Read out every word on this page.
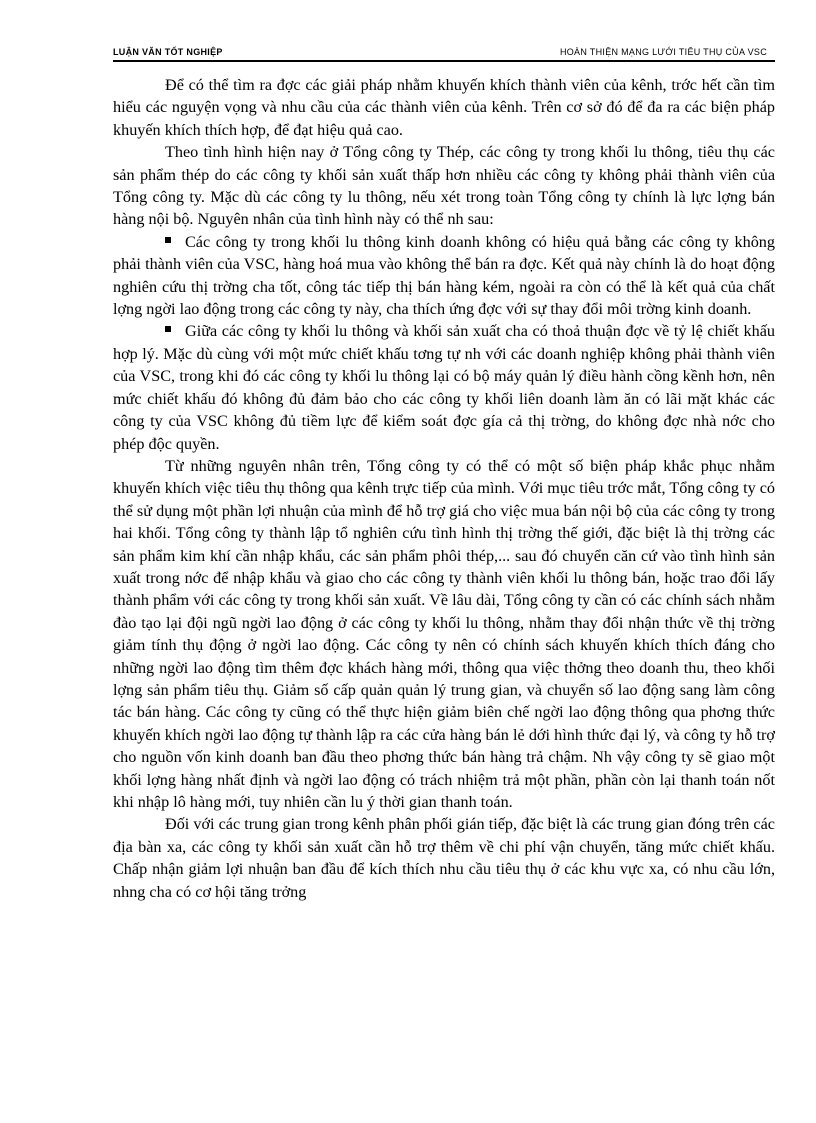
LUẬN VĂN TỐT NGHIỆP	HOÀN THIỆN MẠNG LƯỚI TIÊU THỤ CỦA VSC

Để có thể tìm ra đợc các giải pháp nhằm khuyến khích thành viên của kênh, trớc hết cần tìm hiểu các nguyện vọng và nhu cầu của các thành viên của kênh. Trên cơ sở đó để đa ra các biện pháp khuyến khích thích hợp, để đạt hiệu quả cao.

Theo tình hình hiện nay ở Tổng công ty Thép, các công ty trong khối lu thông, tiêu thụ các sản phẩm thép do các công ty khối sản xuất thấp hơn nhiều các công ty không phải thành viên của Tổng công ty. Mặc dù các công ty lu thông, nếu xét trong toàn Tổng công ty chính là lực lợng bán hàng nội bộ. Nguyên nhân của tình hình này có thể nh sau:

Các công ty trong khối lu thông kinh doanh không có hiệu quả bằng các công ty không phải thành viên của VSC, hàng hoá mua vào không thể bán ra đợc. Kết quả này chính là do hoạt động nghiên cứu thị trờng cha tốt, công tác tiếp thị bán hàng kém, ngoài ra còn có thể là kết quả của chất lợng ngời lao động trong các công ty này, cha thích ứng đợc với sự thay đổi môi trờng kinh doanh.

Giữa các công ty khối lu thông và khối sản xuất cha có thoả thuận đợc về tỷ lệ chiết khấu hợp lý. Mặc dù cùng với một mức chiết khấu tơng tự nh với các doanh nghiệp không phải thành viên của VSC, trong khi đó các công ty khối lu thông lại có bộ máy quản lý điều hành cồng kềnh hơn, nên mức chiết khấu đó không đủ đảm bảo cho các công ty khối liên doanh làm ăn có lãi mặt khác các công ty của VSC không đủ tiềm lực để kiểm soát đợc gía cả thị trờng, do không đợc nhà nớc cho phép độc quyền.

Từ những nguyên nhân trên, Tổng công ty có thể có một số biện pháp khắc phục nhằm khuyến khích việc tiêu thụ thông qua kênh trực tiếp của mình. Với mục tiêu trớc mắt, Tổng công ty có thể sử dụng một phần lợi nhuận của mình để hỗ trợ giá cho việc mua bán nội bộ của các công ty trong hai khối. Tổng công ty thành lập tổ nghiên cứu tình hình thị trờng thế giới, đặc biệt là thị trờng các sản phẩm kim khí cần nhập khẩu, các sản phẩm phôi thép,... sau đó chuyển căn cứ vào tình hình sản xuất trong nớc để nhập khẩu và giao cho các công ty thành viên khối lu thông bán, hoặc trao đổi lấy thành phẩm với các công ty trong khối sản xuất. Về lâu dài, Tổng công ty cần có các chính sách nhằm đào tạo lại đội ngũ ngời lao động ở các công ty khối lu thông, nhằm thay đổi nhận thức về thị trờng giảm tính thụ động ở ngời lao động. Các công ty nên có chính sách khuyến khích thích đáng cho những ngời lao động tìm thêm đợc khách hàng mới, thông qua việc thởng theo doanh thu, theo khối lợng sản phẩm tiêu thụ. Giảm số cấp quản quản lý trung gian, và chuyển số lao động sang làm công tác bán hàng. Các công ty cũng có thể thực hiện giảm biên chế ngời lao động thông qua phơng thức khuyến khích ngời lao động tự thành lập ra các cửa hàng bán lẻ dới hình thức đại lý, và công ty hỗ trợ cho nguồn vốn kinh doanh ban đầu theo phơng thức bán hàng trả chậm. Nh vậy công ty sẽ giao một khối lợng hàng nhất định và ngời lao động có trách nhiệm trả một phần, phần còn lại thanh toán nốt khi nhập lô hàng mới, tuy nhiên cần lu ý thời gian thanh toán.

Đối với các trung gian trong kênh phân phối gián tiếp, đặc biệt là các trung gian đóng trên các địa bàn xa, các công ty khối sản xuất cần hỗ trợ thêm về chi phí vận chuyển, tăng mức chiết khấu. Chấp nhận giảm lợi nhuận ban đầu để kích thích nhu cầu tiêu thụ ở các khu vực xa, có nhu cầu lớn, nhng cha có cơ hội tăng trởng
